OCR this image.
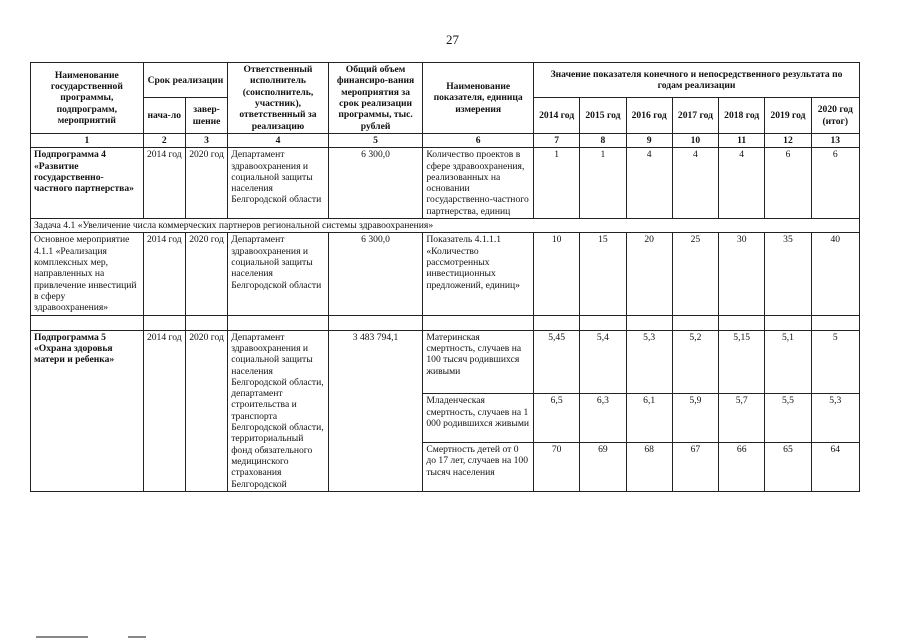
27
Наименование государственной программы, подпрограмм, мероприятий	Срок реализации		Ответственный исполнитель (соисполнитель, участник), ответственный за реализацию	Общий объем финансиро-вания мероприятия за срок реализации программы, тыс. рублей	Наименование показателя, единица измерения	Значение показателя конечного и непосредственного результата по годам реализации						
	нача-ло	завер-шение				2014 год	2015 год	2016 год	2017 год	2018 год	2019 год	2020 год (итог)
1	2	3	4	5	6	7	8	9	10	11	12	13
Подпрограмма 4 «Развитие государственно-частного партнерства»	2014 год	2020 год	Департамент здравоохранения и социальной защиты населения Белгородской области	6 300,0	Количество проектов в сфере здравоохранения, реализованных на основании государственно-частного партнерства, единиц	1	1	4	4	4	6	6
Задача 4.1 «Увеличение числа коммерческих партнеров региональной системы здравоохранения»												
Основное мероприятие 4.1.1 «Реализация комплексных мер, направленных на привлечение инвестиций в сферу здравоохранения»	2014 год	2020 год	Департамент здравоохранения и социальной защиты населения Белгородской области	6 300,0	Показатель 4.1.1.1 «Количество рассмотренных инвестиционных предложений, единиц»	10	15	20	25	30	35	40

Подпрограмма 5 «Охрана здоровья матери и ребенка»	2014 год	2020 год	Департамент здравоохранения и социальной защиты населения Белгородской области, департамент строительства и транспорта Белгородской области, территориальный фонд обязательного медицинского страхования Белгородской	3 483 794,1	Материнская смертность, случаев на 100 тысяч родившихся живыми	5,45	5,4	5,3	5,2	5,15	5,1	5
					Младенческая смертность, случаев на 1 000 родившихся живыми	6,5	6,3	6,1	5,9	5,7	5,5	5,3
					Смертность детей от 0 до 17 лет, случаев на 100 тысяч населения	70	69	68	67	66	65	64
